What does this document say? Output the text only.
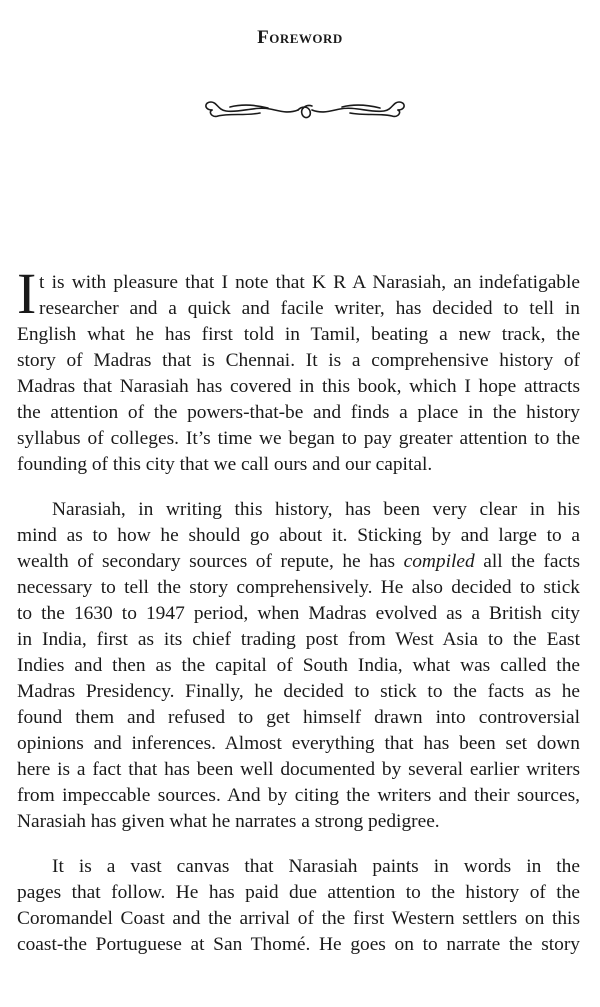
Foreword
I t is with pleasure that I note that K R A Narasiah, an indefatigable
researcher and a quick and facile writer, has decided to tell in
English what he has first told in Tamil, beating a new track, the
story of Madras that is Chennai. It is a comprehensive history of
Madras that Narasiah has covered in this book, which I hope attracts
the attention of the powers-that-be and finds a place in the history
syllabus of colleges. It’s time we began to pay greater attention to the
founding of this city that we call ours and our capital.
Narasiah, in writing this history, has been very clear in his
mind as to how he should go about it. Sticking by and large to a
wealth of secondary sources of repute, he has compiled all the facts
necessary to tell the story comprehensively. He also decided to stick
to the 1630 to 1947 period, when Madras evolved as a British city
in India, first as its chief trading post from West Asia to the East
Indies and then as the capital of South India, what was called the
Madras Presidency. Finally, he decided to stick to the facts as he
found them and refused to get himself drawn into controversial
opinions and inferences. Almost everything that has been set down
here is a fact that has been well documented by several earlier writers
from impeccable sources. And by citing the writers and their sources,
Narasiah has given what he narrates a strong pedigree.
It is a vast canvas that Narasiah paints in words in the
pages that follow. He has paid due attention to the history of the
Coromandel Coast and the arrival of the first Western settlers on this
coast-the Portuguese at San Thomé. He goes on to narrate the story
